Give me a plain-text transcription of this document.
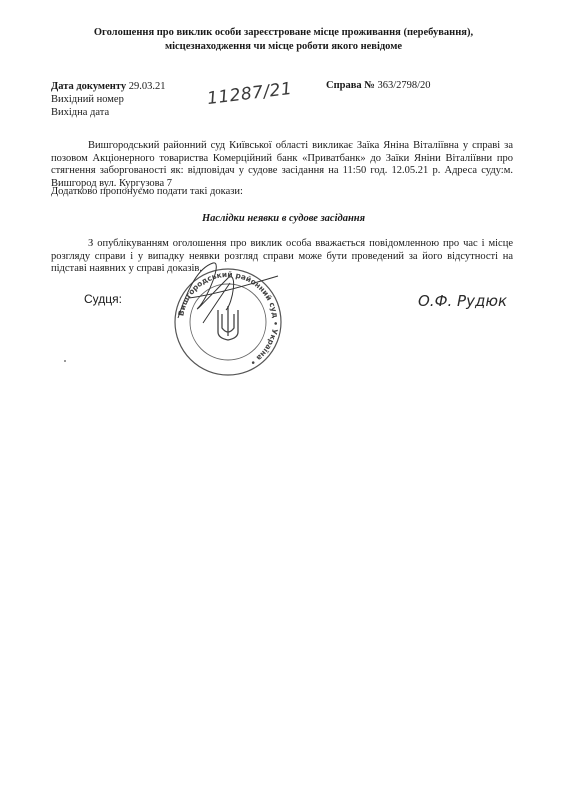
Оголошення про виклик особи зареєстроване місце проживання (перебування),
місцезнаходження чи місце роботи якого невідоме
Дата документу 29.03.21
Вихідний номер
Вихідна дата
11287/21	Справа № 363/2798/20
Вишгородський районний суд Київської області викликає Заїка Яніна Віталіївна у справі за позовом Акціонерного товариства Комерційний банк «Приватбанк» до Заїки Яніни Віталіївни про стягнення заборгованості як: відповідач у судове засідання на 11:50 год. 12.05.21 р. Адреса суду:м. Вишгород вул. Кургузова 7
Додатково пропонуємо подати такі докази:
Наслідки неявки в судове засідання
З опублікуванням оголошення про виклик особа вважається повідомленною про час і місце розгляду справи і у випадку неявки розгляд справи може бути проведений за його відсутності на підставі наявних у справі доказів.
Судця:
Вишгородський районний суд • Україна •
О.Ф. Рудюк
